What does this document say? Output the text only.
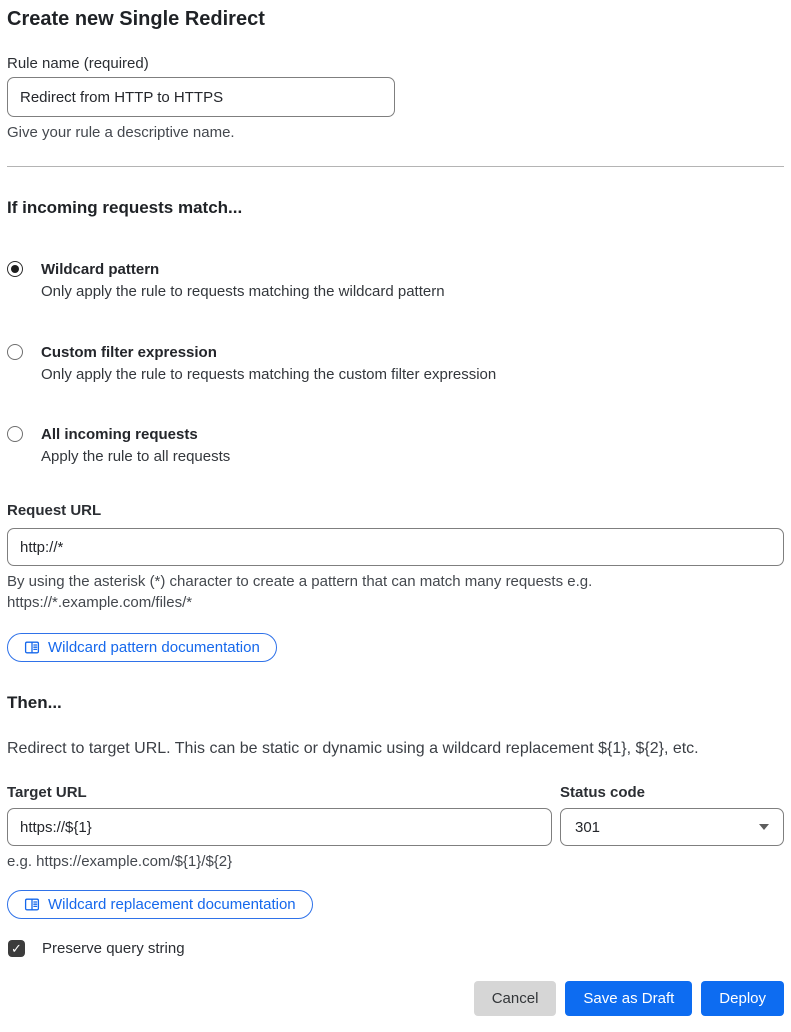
Create new Single Redirect
Rule name (required)
Redirect from HTTP to HTTPS
Give your rule a descriptive name.
If incoming requests match...
Wildcard pattern
Only apply the rule to requests matching the wildcard pattern
Custom filter expression
Only apply the rule to requests matching the custom filter expression
All incoming requests
Apply the rule to all requests
Request URL
http://*
By using the asterisk (*) character to create a pattern that can match many requests e.g.
https://*.example.com/files/*
Wildcard pattern documentation
Then...

Redirect to target URL. This can be static or dynamic using a wildcard replacement ${1}, ${2}, etc.

Target URL
https://${1}
e.g. https://example.com/${1}/${2}
Status code
301
Wildcard replacement documentation
✓ Preserve query string
Cancel	Save as Draft	Deploy
